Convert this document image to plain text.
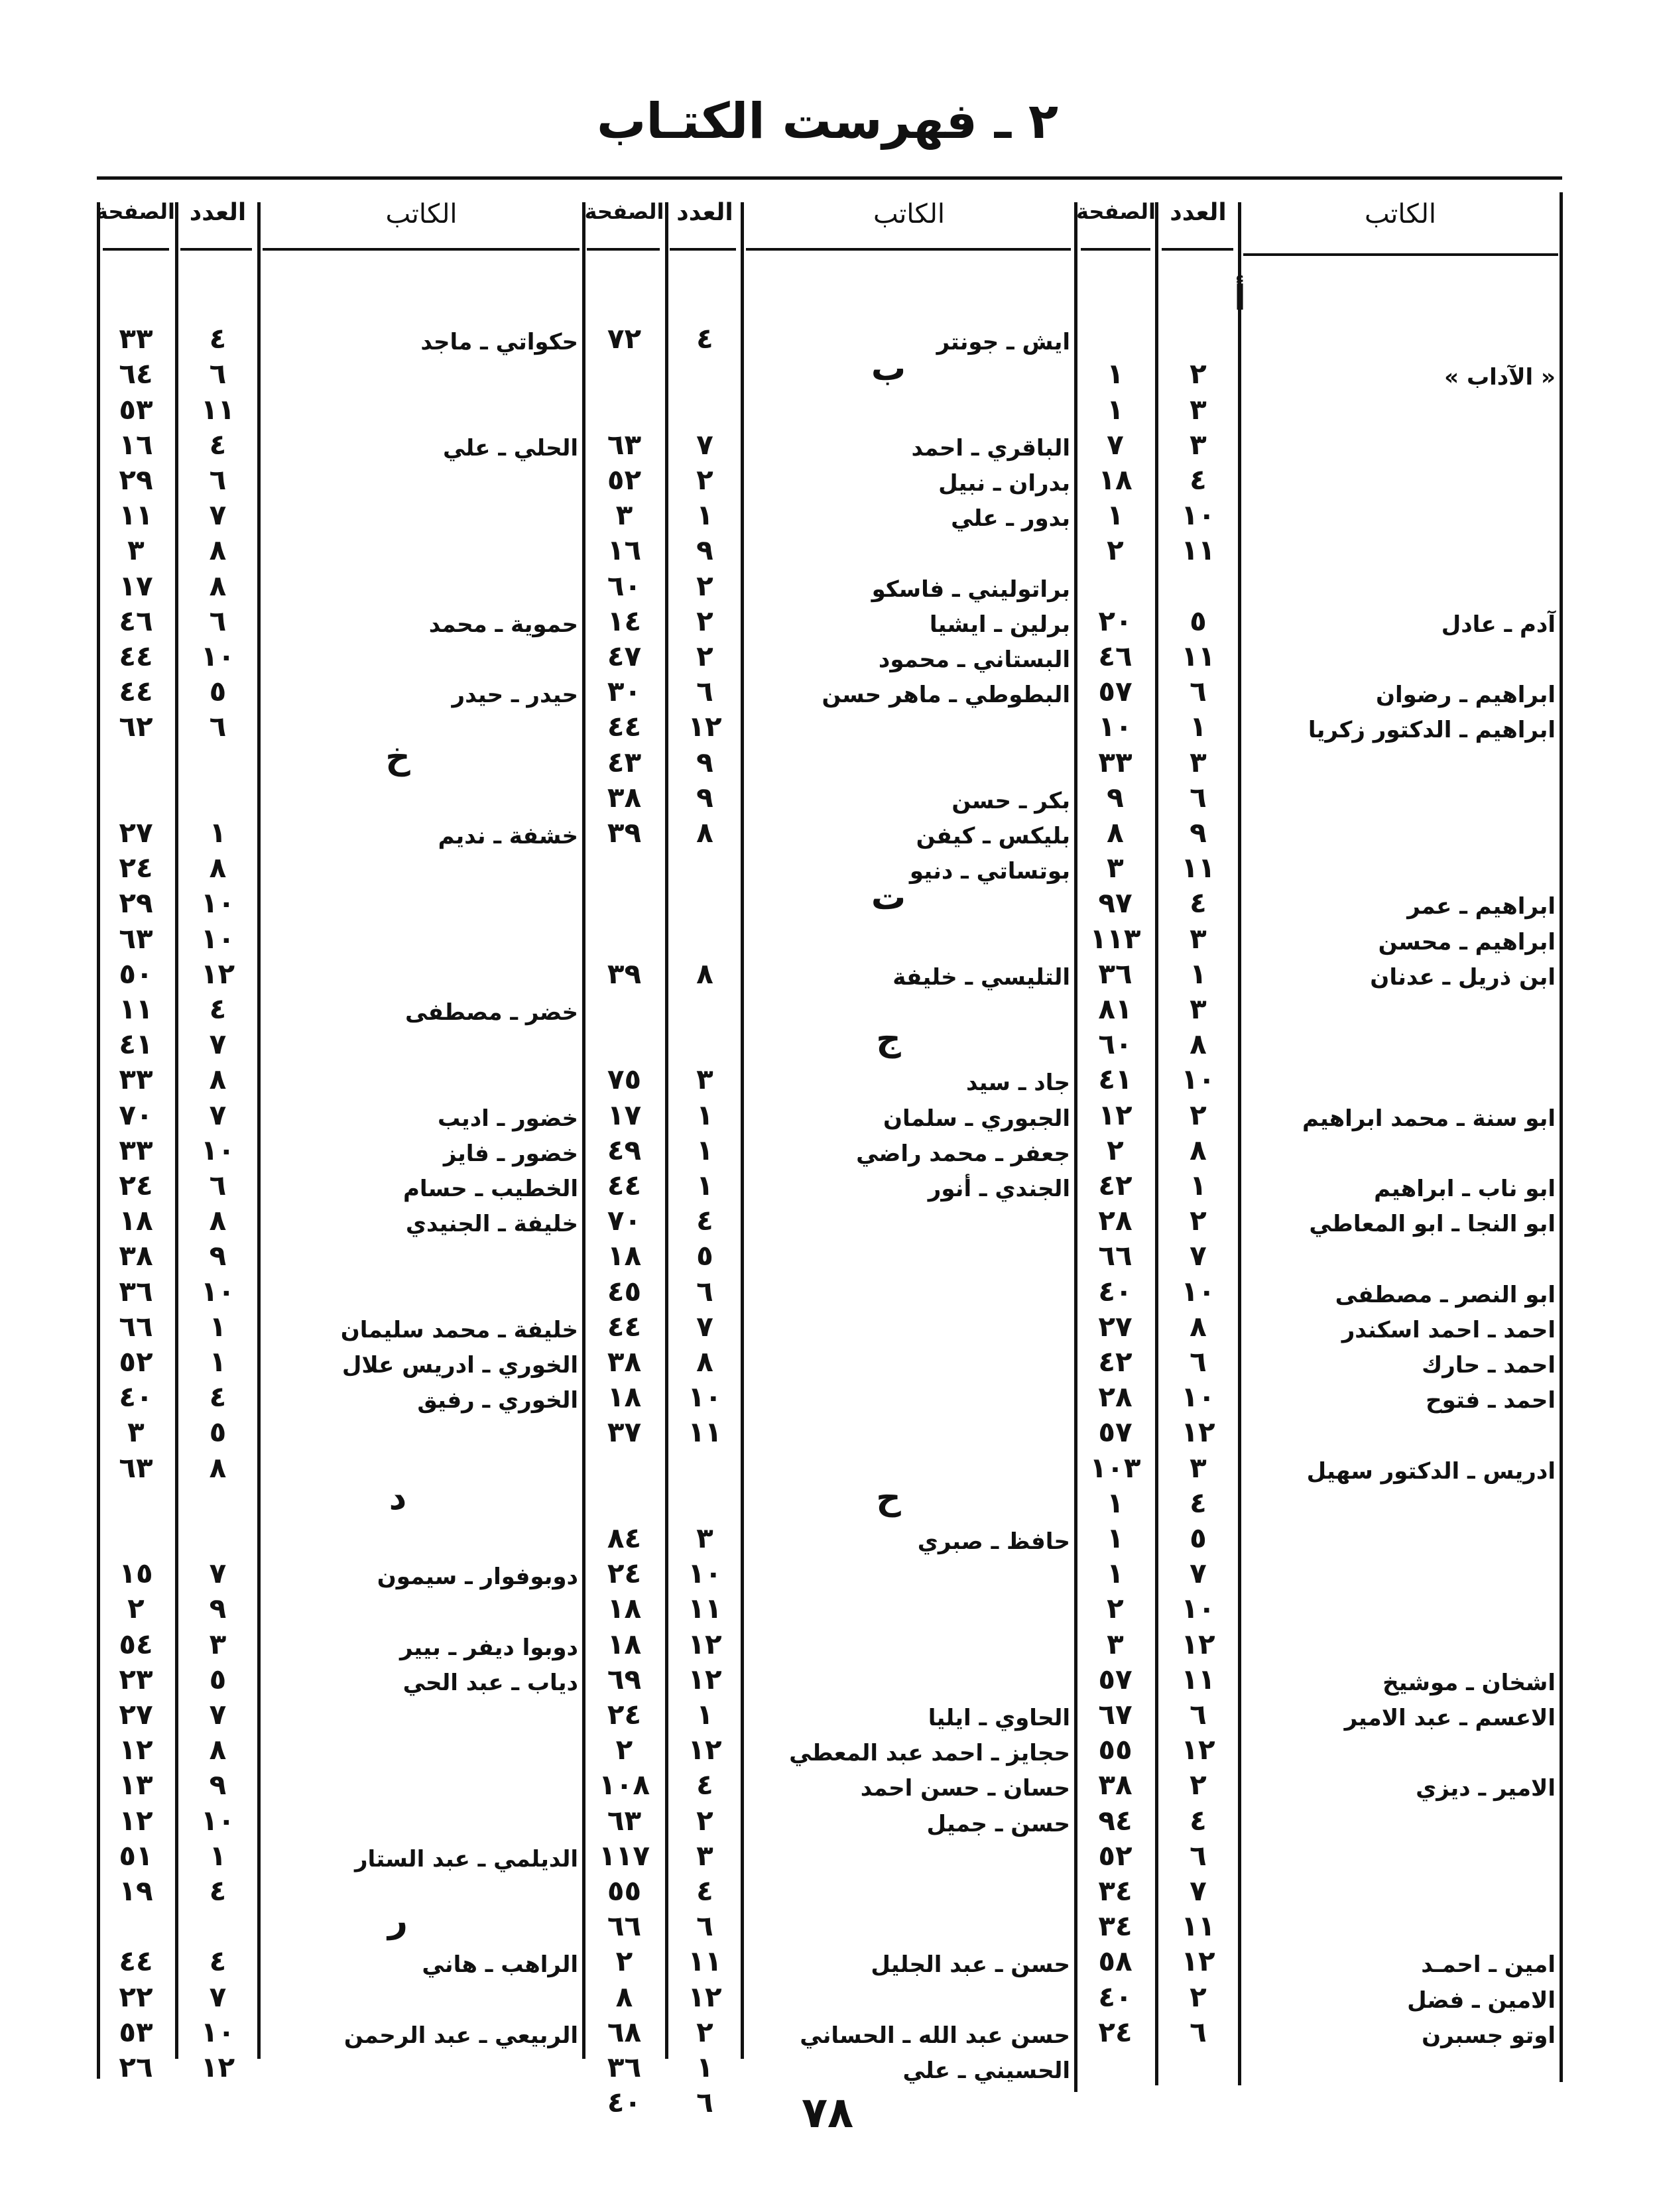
٢ ـ فهرست الكتـاب
الكاتب
العدد
الصفحة
الكاتب
العدد
الصفحة
الكاتب
العدد
الصفحة
أ
« الآداب »
٢
١
٣
١
٣
٧
٤
١٨
١٠
١
١١
٢
آدم ـ عادل
٥
٢٠
١١
٤٦
ابراهيم ـ رضوان
٦
٥٧
ابراهيم ـ الدكتور زكريا
١
١٠
٣
٣٣
٦
٩
٩
٨
١١
٣
ابراهيم ـ عمر
٤
٩٧
ابراهيم ـ محسن
٣
١١٣
ابن ذريل ـ عدنان
١
٣٦
٣
٨١
٨
٦٠
١٠
٤١
ابو سنة ـ محمد ابراهيم
٢
١٢
٨
٢
ابو ناب ـ ابراهيم
١
٤٢
ابو النجا ـ ابو المعاطي
٢
٢٨
٧
٦٦
ابو النصر ـ مصطفى
١٠
٤٠
احمد ـ احمد اسكندر
٨
٢٧
احمد ـ حارك
٦
٤٢
احمد ـ فتوح
١٠
٢٨
١٢
٥٧
ادريس ـ الدكتور سهيل
٣
١٠٣
٤
١
٥
١
٧
١
١٠
٢
١٢
٣
اشخان ـ موشيخ
١١
٥٧
الاعسم ـ عبد الامير
٦
٦٧
١٢
٥٥
الامير ـ ديزي
٢
٣٨
٤
٩٤
٦
٥٢
٧
٣٤
١١
٣٤
امين ـ احمـد
١٢
٥٨
الامين ـ فضل
٢
٤٠
اوتو جسبرن
٦
٢٤
ايش ـ جونتر
٤
٧٢
ب
الباقري ـ احمد
٧
٦٣
بدران ـ نبيل
٢
٥٢
بدور ـ علي
١
٣
٩
١٦
براتوليني ـ فاسكو
٢
٦٠
برلين ـ ايشيا
٢
١٤
البستاني ـ محمود
٢
٤٧
البطوطي ـ ماهر حسن
٦
٣٠
١٢
٤٤
٩
٤٣
بكر ـ حسن
٩
٣٨
بليكس ـ كيفن
٨
٣٩
بوتساتي ـ دنيو
ت
التليسي ـ خليفة
٨
٣٩
ج
جاد ـ سيد
٣
٧٥
الجبوري ـ سلمان
١
١٧
جعفر ـ محمد راضي
١
٤٩
الجندي ـ أنور
١
٤٤
٤
٧٠
٥
١٨
٦
٤٥
٧
٤٤
٨
٣٨
١٠
١٨
١١
٣٧
ح
حافظ ـ صبري
٣
٨٤
١٠
٢٤
١١
١٨
١٢
١٨
١٢
٦٩
الحاوي ـ ايليا
١
٢٤
حجايز ـ احمد عبد المعطي
١٢
٢
حسان ـ حسن احمد
٤
١٠٨
حسن ـ جميل
٢
٦٣
٣
١١٧
٤
٥٥
٦
٦٦
حسن ـ عبد الجليل
١١
٢
١٢
٨
حسن عبد الله ـ الحساني
٢
٦٨
الحسيني ـ علي
١
٣٦
٦
٤٠
حكواتي ـ ماجد
٤
٣٣
٦
٦٤
١١
٥٣
الحلي ـ علي
٤
١٦
٦
٢٩
٧
١١
٨
٣
٨
١٧
حموية ـ محمد
٦
٤٦
١٠
٤٤
حيدر ـ حيدر
٥
٤٤
٦
٦٢
خ
خشفة ـ نديم
١
٢٧
٨
٢٤
١٠
٢٩
١٠
٦٣
١٢
٥٠
خضر ـ مصطفى
٤
١١
٧
٤١
٨
٣٣
خضور ـ اديب
٧
٧٠
خضور ـ فايز
١٠
٣٣
الخطيب ـ حسام
٦
٢٤
خليفة ـ الجنيدي
٨
١٨
٩
٣٨
١٠
٣٦
خليفة ـ محمد سليمان
١
٦٦
الخوري ـ ادريس علال
١
٥٢
الخوري ـ رفيق
٤
٤٠
٥
٣
٨
٦٣
د
دوبوفوار ـ سيمون
٧
١٥
٩
٢
دوبوا ديفر ـ بيير
٣
٥٤
دياب ـ عبد الحي
٥
٢٣
٧
٢٧
٨
١٢
٩
١٣
١٠
١٢
الديلمي ـ عبد الستار
١
٥١
٤
١٩
ر
الراهب ـ هاني
٤
٤٤
٧
٢٢
الربيعي ـ عبد الرحمن
١٠
٥٣
١٢
٢٦
٧٨
